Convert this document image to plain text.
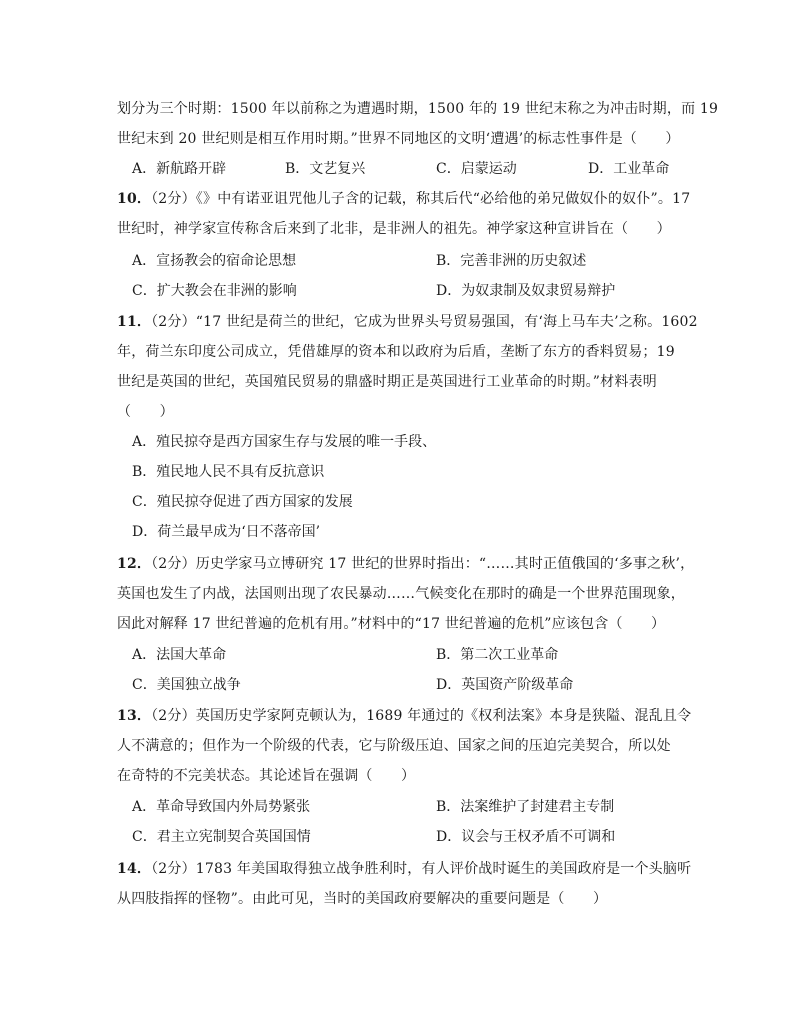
划分为三个时期：1500 年以前称之为遭遇时期，1500 年的 19 世纪末称之为冲击时期，而 19
世纪末到 20 世纪则是相互作用时期。”世界不同地区的文明‘遭遇’的标志性事件是（　　）
A．新航路开辟	B．文艺复兴	C．启蒙运动	D．工业革命
10．（2分）《》中有诺亚诅咒他儿子含的记载，称其后代“必给他的弟兄做奴仆的奴仆”。17
世纪时，神学家宣传称含后来到了北非，是非洲人的祖先。神学家这种宣讲旨在（　　）
A．宣扬教会的宿命论思想	B．完善非洲的历史叙述
C．扩大教会在非洲的影响	D．为奴隶制及奴隶贸易辩护
11．（2分）“17 世纪是荷兰的世纪，它成为世界头号贸易强国，有‘海上马车夫’之称。1602
年，荷兰东印度公司成立，凭借雄厚的资本和以政府为后盾，垄断了东方的香料贸易；19
世纪是英国的世纪，英国殖民贸易的鼎盛时期正是英国进行工业革命的时期。”材料表明
（　　）
A．殖民掠夺是西方国家生存与发展的唯一手段、
B．殖民地人民不具有反抗意识
C．殖民掠夺促进了西方国家的发展
D．荷兰最早成为‘日不落帝国’
12．（2分）历史学家马立博研究 17 世纪的世界时指出：“……其时正值俄国的‘多事之秋’，
英国也发生了内战，法国则出现了农民暴动……气候变化在那时的确是一个世界范围现象，
因此对解释 17 世纪普遍的危机有用。”材料中的“17 世纪普遍的危机”应该包含（　　）
A．法国大革命	B．第二次工业革命
C．美国独立战争	D．英国资产阶级革命
13．（2分）英国历史学家阿克顿认为，1689 年通过的《权利法案》本身是狭隘、混乱且令
人不满意的；但作为一个阶级的代表，它与阶级压迫、国家之间的压迫完美契合，所以处
在奇特的不完美状态。其论述旨在强调（　　）
A．革命导致国内外局势紧张	B．法案维护了封建君主专制
C．君主立宪制契合英国国情	D．议会与王权矛盾不可调和
14．（2分）1783 年美国取得独立战争胜利时，有人评价战时诞生的美国政府是一个头脑听
从四肢指挥的怪物”。由此可见，当时的美国政府要解决的重要问题是（　　）
